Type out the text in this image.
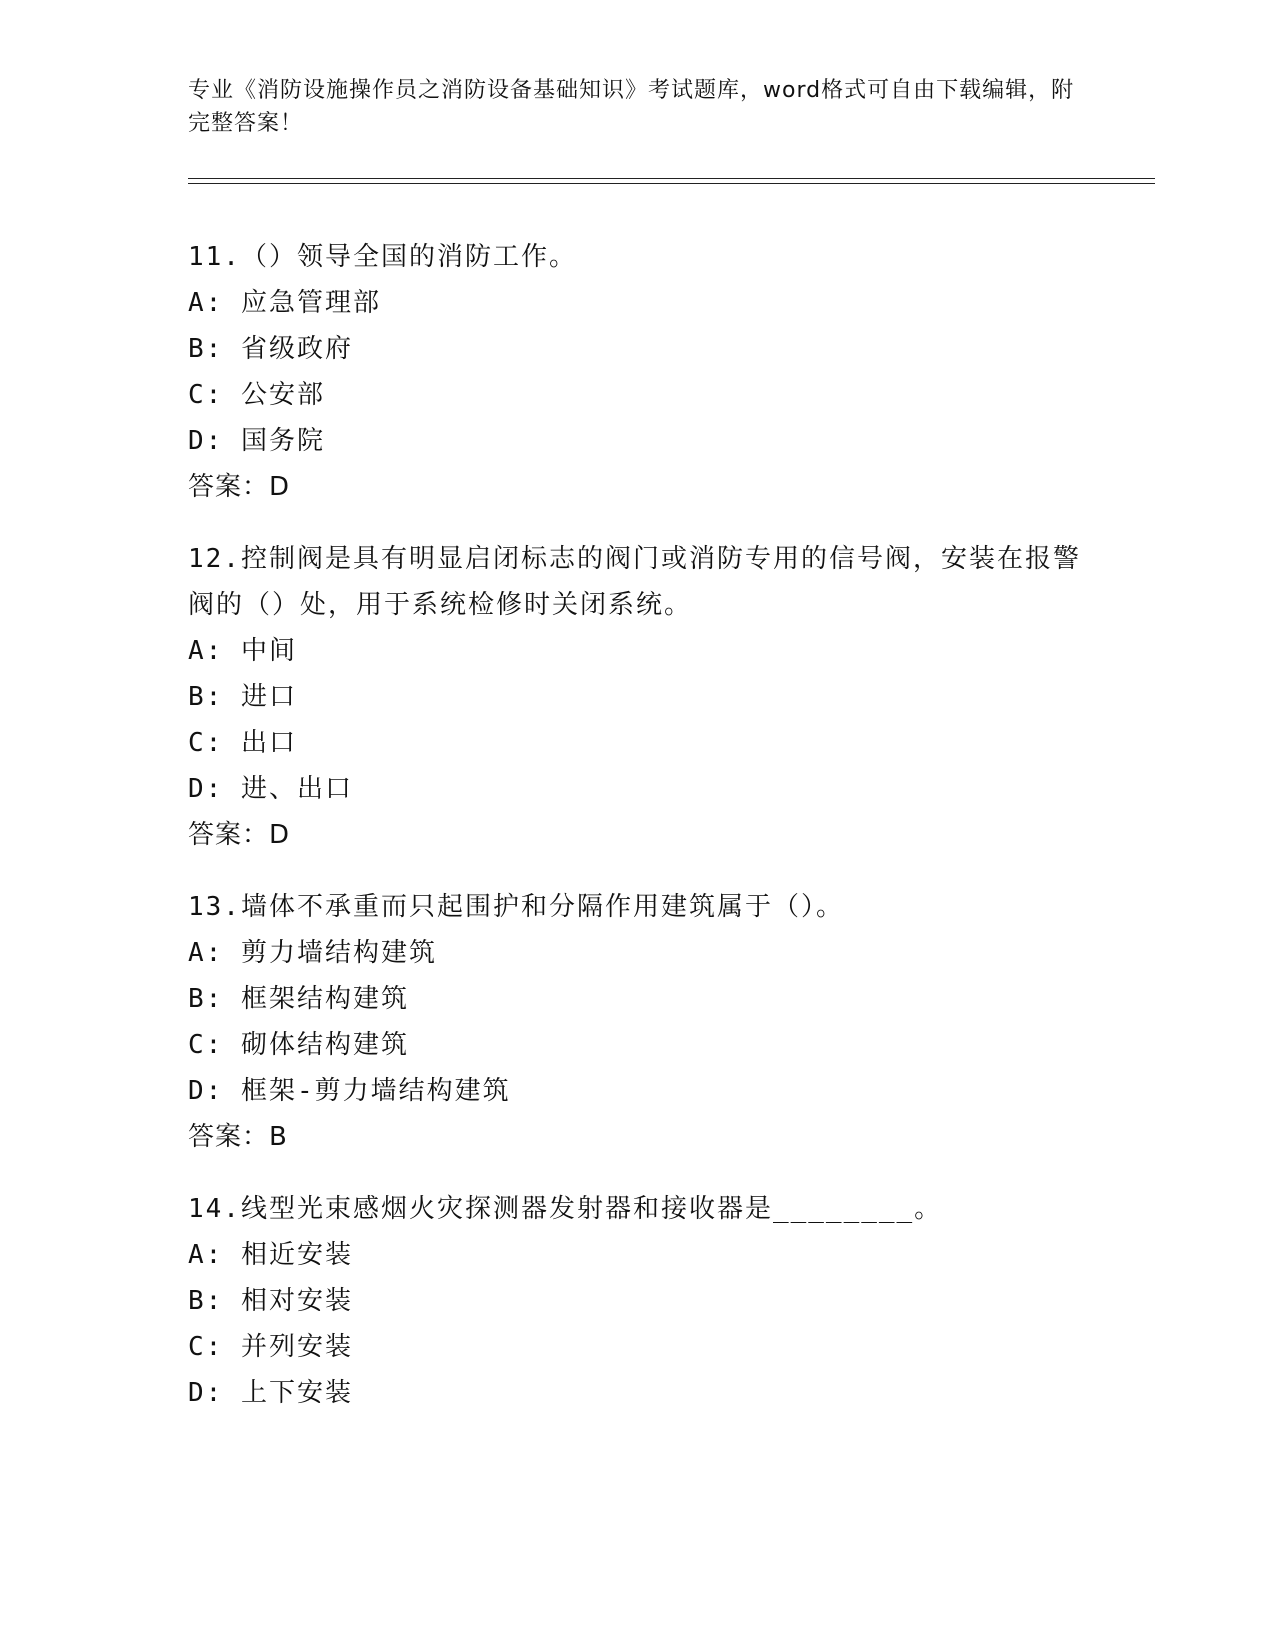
专业《消防设施操作员之消防设备基础知识》考试题库，word格式可自由下载编辑，附完整答案！
11.（）领导全国的消防工作。
A: 应急管理部
B: 省级政府
C: 公安部
D: 国务院
答案：D
12.控制阀是具有明显启闭标志的阀门或消防专用的信号阀，安装在报警阀的（）处，用于系统检修时关闭系统。
A: 中间
B: 进口
C: 出口
D: 进、出口
答案：D
13.墙体不承重而只起围护和分隔作用建筑属于（）。
A: 剪力墙结构建筑
B: 框架结构建筑
C: 砌体结构建筑
D: 框架-剪力墙结构建筑
答案：B
14.线型光束感烟火灾探测器发射器和接收器是________。
A: 相近安装
B: 相对安装
C: 并列安装
D: 上下安装
